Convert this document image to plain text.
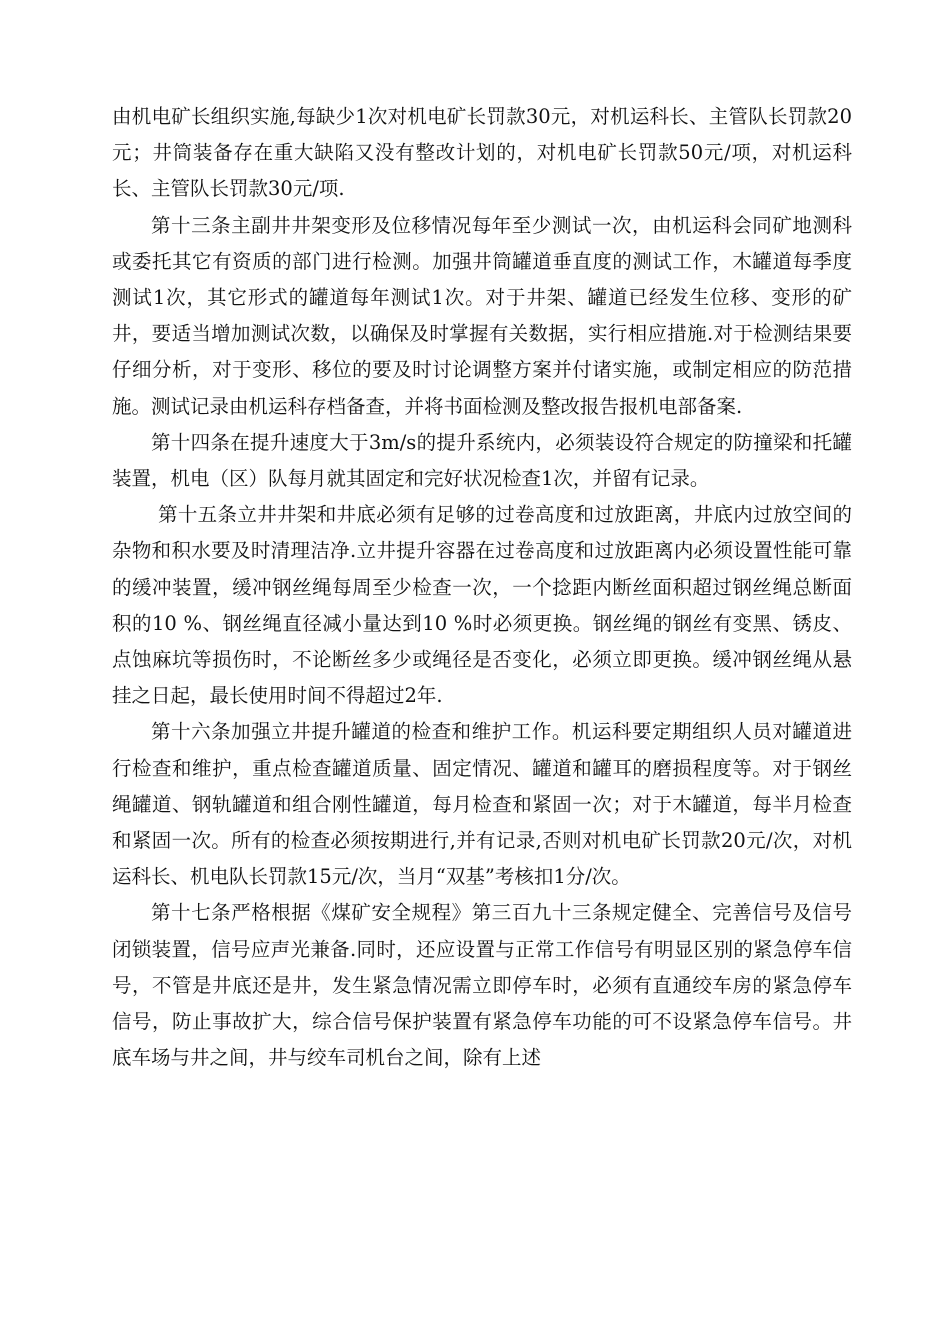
由机电矿长组织实施,每缺少1次对机电矿长罚款30元，对机运科长、主管队长罚款20元；井筒装备存在重大缺陷又没有整改计划的，对机电矿长罚款50元/项，对机运科长、主管队长罚款30元/项.

第十三条主副井井架变形及位移情况每年至少测试一次，由机运科会同矿地测科或委托其它有资质的部门进行检测。加强井筒罐道垂直度的测试工作，木罐道每季度测试1次，其它形式的罐道每年测试1次。对于井架、罐道已经发生位移、变形的矿井，要适当增加测试次数，以确保及时掌握有关数据，实行相应措施.对于检测结果要仔细分析，对于变形、移位的要及时讨论调整方案并付诸实施，或制定相应的防范措施。测试记录由机运科存档备查，并将书面检测及整改报告报机电部备案.

第十四条在提升速度大于3m/s的提升系统内，必须装设符合规定的防撞梁和托罐装置，机电（区）队每月就其固定和完好状况检查1次，并留有记录。

第十五条立井井架和井底必须有足够的过卷高度和过放距离，井底内过放空间的杂物和积水要及时清理洁净.立井提升容器在过卷高度和过放距离内必须设置性能可靠的缓冲装置，缓冲钢丝绳每周至少检查一次，一个捻距内断丝面积超过钢丝绳总断面积的10 %、钢丝绳直径减小量达到10 %时必须更换。钢丝绳的钢丝有变黑、锈皮、点蚀麻坑等损伤时，不论断丝多少或绳径是否变化，必须立即更换。缓冲钢丝绳从悬挂之日起，最长使用时间不得超过2年.

第十六条加强立井提升罐道的检查和维护工作。机运科要定期组织人员对罐道进行检查和维护，重点检查罐道质量、固定情况、罐道和罐耳的磨损程度等。对于钢丝绳罐道、钢轨罐道和组合刚性罐道，每月检查和紧固一次；对于木罐道，每半月检查和紧固一次。所有的检查必须按期进行,并有记录,否则对机电矿长罚款20元/次，对机运科长、机电队长罚款15元/次，当月“双基”考核扣1分/次。

第十七条严格根据《煤矿安全规程》第三百九十三条规定健全、完善信号及信号闭锁装置，信号应声光兼备.同时，还应设置与正常工作信号有明显区别的紧急停车信号，不管是井底还是井，发生紧急情况需立即停车时，必须有直通绞车房的紧急停车信号，防止事故扩大，综合信号保护装置有紧急停车功能的可不设紧急停车信号。井底车场与井之间，井与绞车司机台之间，除有上述
